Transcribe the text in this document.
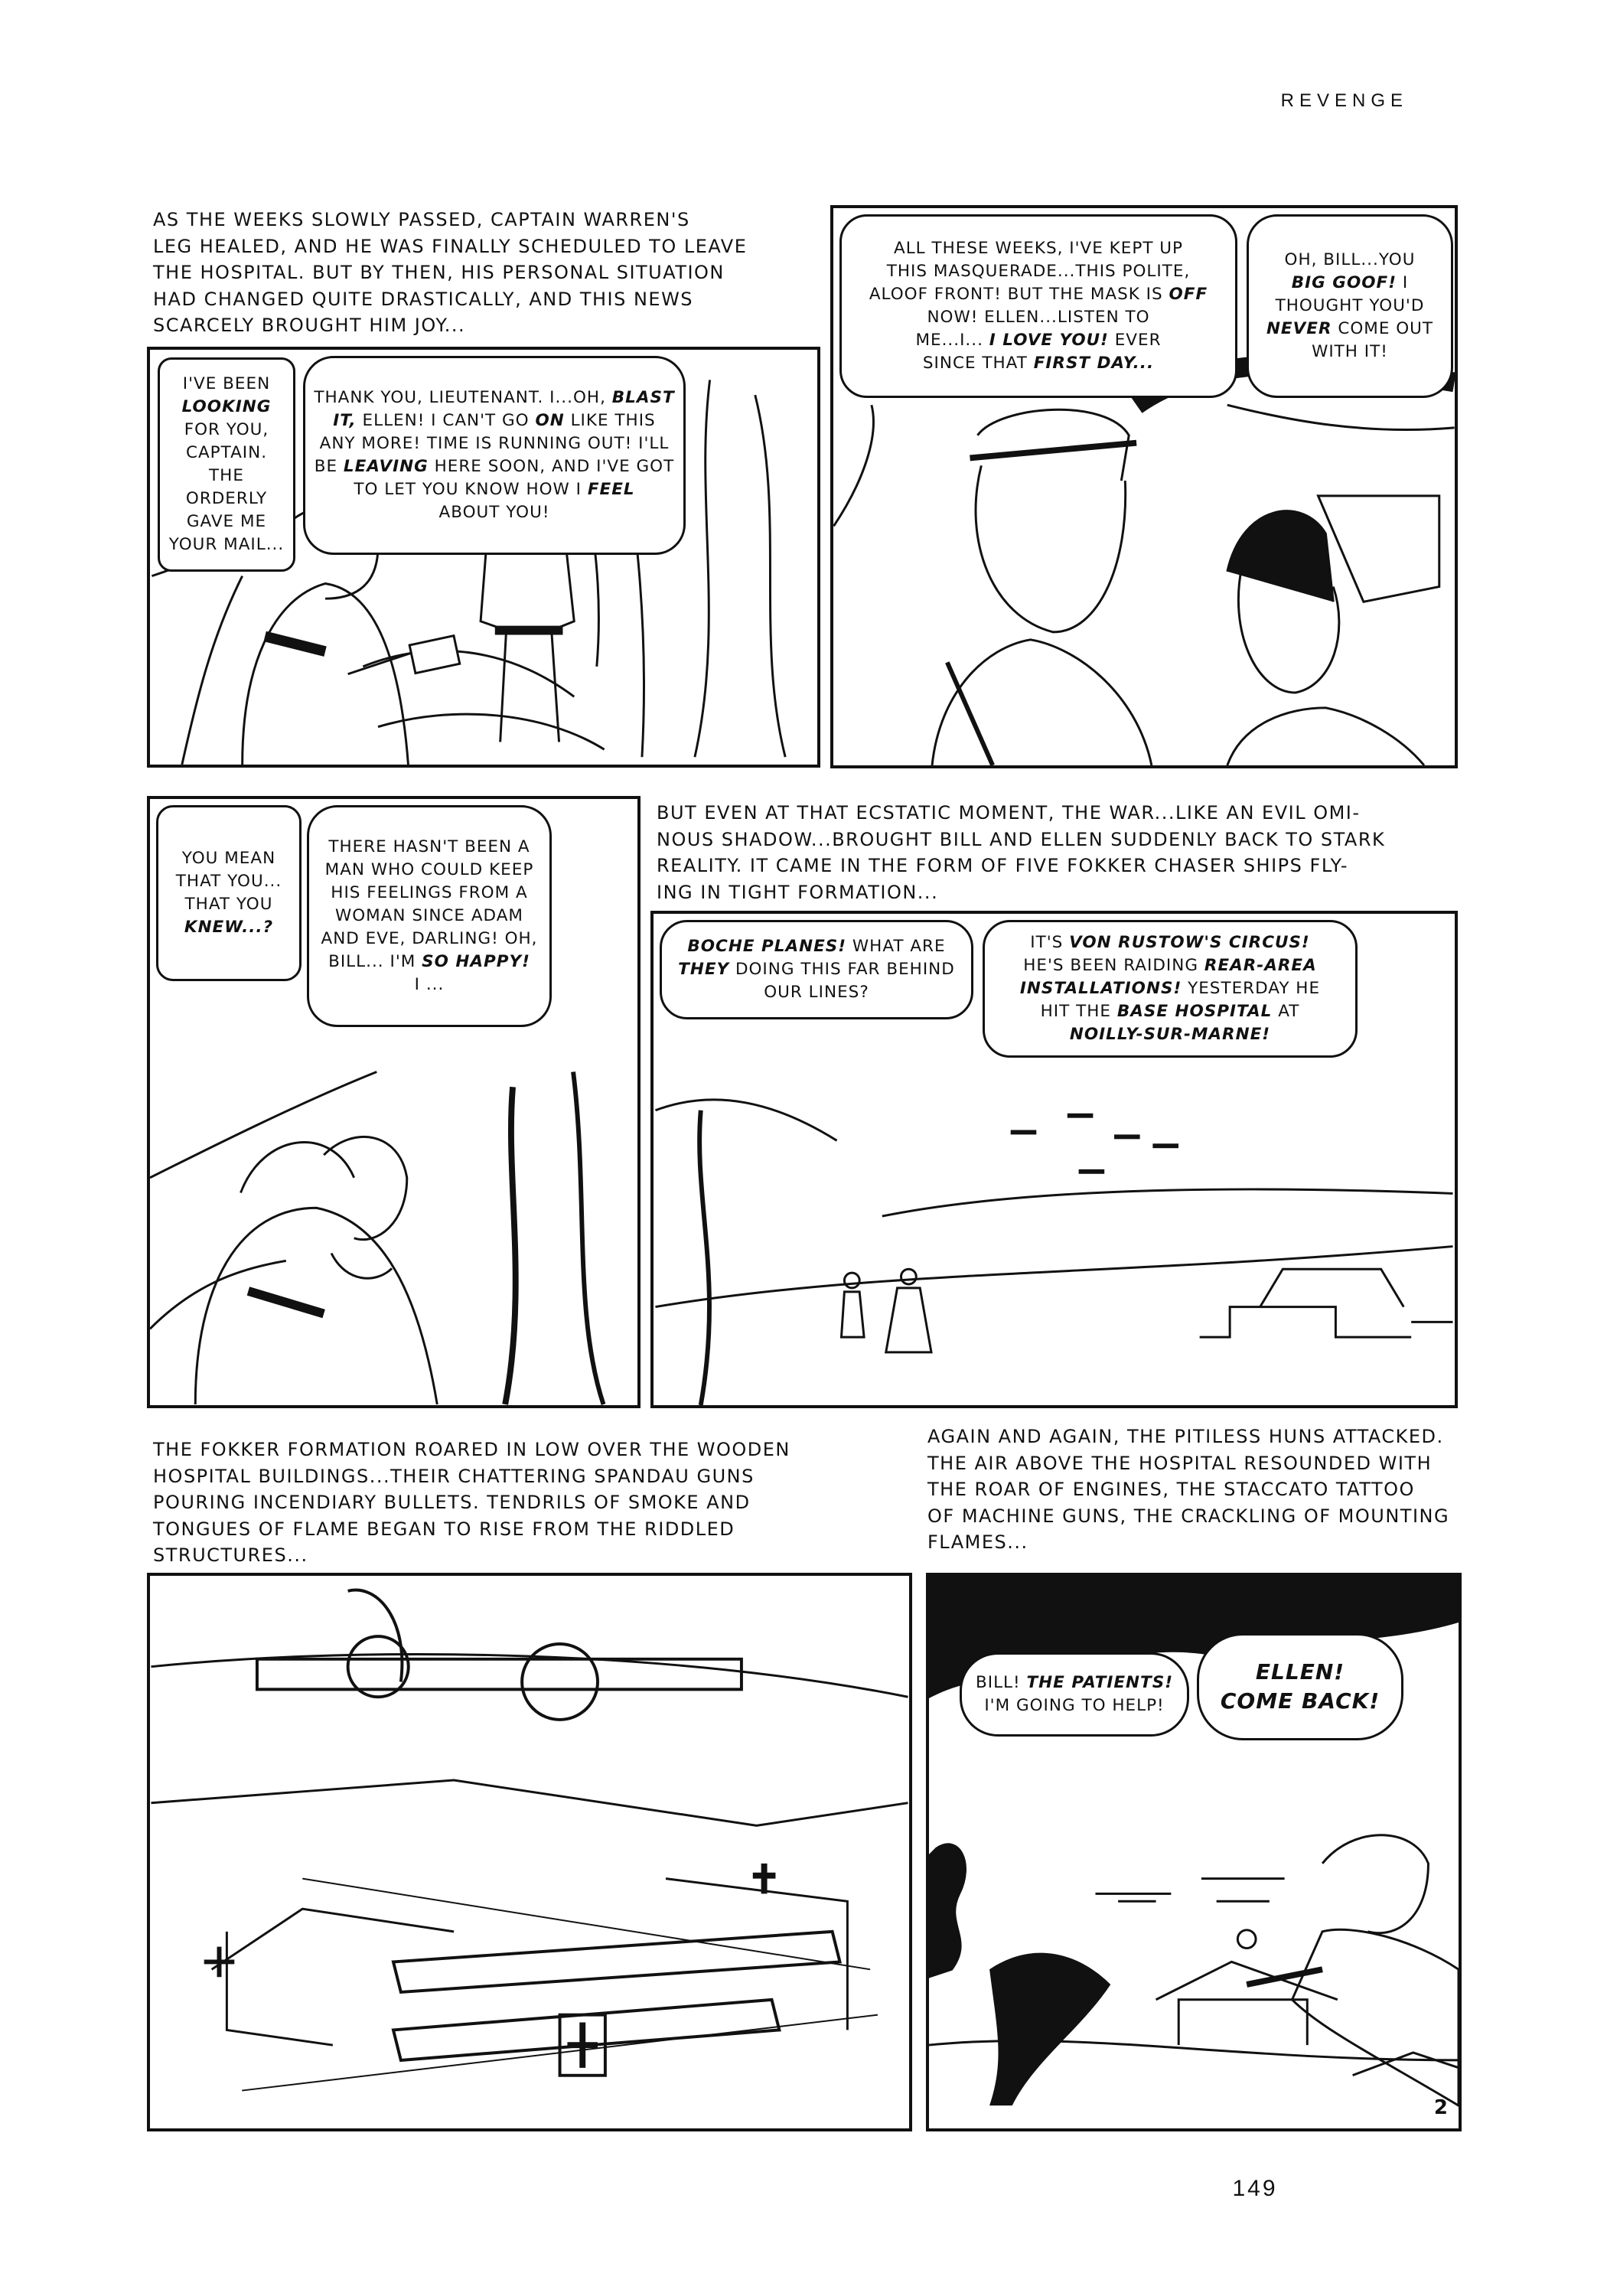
REVENGE
AS THE WEEKS SLOWLY PASSED, CAPTAIN WARREN'S
LEG HEALED, AND HE WAS FINALLY SCHEDULED TO LEAVE
THE HOSPITAL. BUT BY THEN, HIS PERSONAL SITUATION
HAD CHANGED QUITE DRASTICALLY, AND THIS NEWS
SCARCELY BROUGHT HIM JOY...
I'VE BEEN
LOOKING
FOR YOU,
CAPTAIN.
THE ORDERLY
GAVE ME
YOUR MAIL...
THANK YOU, LIEUTENANT. I...OH, BLAST
IT, ELLEN! I CAN'T GO ON LIKE THIS
ANY MORE! TIME IS RUNNING OUT! I'LL
BE LEAVING HERE SOON, AND I'VE GOT
TO LET YOU KNOW HOW I FEEL
ABOUT YOU!
ALL THESE WEEKS, I'VE KEPT UP
THIS MASQUERADE...THIS POLITE,
ALOOF FRONT! BUT THE MASK IS OFF NOW! ELLEN...LISTEN TO
ME...I... I LOVE YOU! EVER
SINCE THAT FIRST DAY...
OH, BILL...YOU
BIG GOOF! I
THOUGHT YOU'D
NEVER COME OUT
WITH IT!
YOU MEAN
THAT YOU...
THAT YOU
KNEW...?
THERE HASN'T BEEN A
MAN WHO COULD KEEP
HIS FEELINGS FROM A
WOMAN SINCE ADAM
AND EVE, DARLING! OH,
BILL... I'M SO HAPPY!
I ...
BUT EVEN AT THAT ECSTATIC MOMENT, THE WAR...LIKE AN EVIL OMI-
NOUS SHADOW...BROUGHT BILL AND ELLEN SUDDENLY BACK TO STARK
REALITY. IT CAME IN THE FORM OF FIVE FOKKER CHASER SHIPS FLY-
ING IN TIGHT FORMATION...
BOCHE PLANES! WHAT ARE
THEY DOING THIS FAR BEHIND
OUR LINES?
IT'S VON RUSTOW'S CIRCUS!
HE'S BEEN RAIDING REAR-AREA
INSTALLATIONS! YESTERDAY HE
HIT THE BASE HOSPITAL AT
NOILLY-SUR-MARNE!
THE FOKKER FORMATION ROARED IN LOW OVER THE WOODEN
HOSPITAL BUILDINGS...THEIR CHATTERING SPANDAU GUNS
POURING INCENDIARY BULLETS. TENDRILS OF SMOKE AND
TONGUES OF FLAME BEGAN TO RISE FROM THE RIDDLED
STRUCTURES...
AGAIN AND AGAIN, THE PITILESS HUNS ATTACKED.
THE AIR ABOVE THE HOSPITAL RESOUNDED WITH
THE ROAR OF ENGINES, THE STACCATO TATTOO
OF MACHINE GUNS, THE CRACKLING OF MOUNTING
FLAMES...
BILL! THE PATIENTS!
I'M GOING TO HELP!
ELLEN!
COME BACK!
2
149
